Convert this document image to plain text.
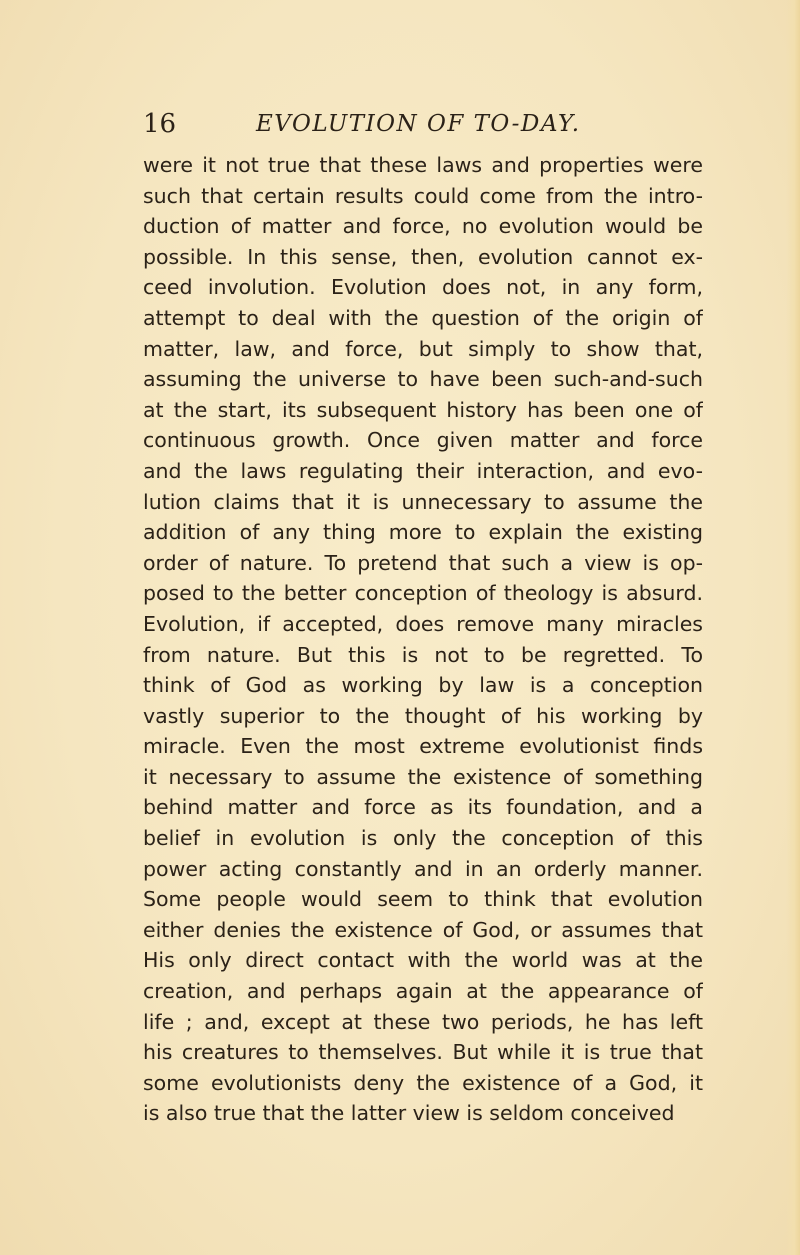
16	EVOLUTION OF TO-DAY.
were it not true that these laws and properties were
such that certain results could come from the intro-
duction of matter and force, no evolution would be
possible. In this sense, then, evolution cannot ex-
ceed involution. Evolution does not, in any form,
attempt to deal with the question of the origin of
matter, law, and force, but simply to show that,
assuming the universe to have been such-and-such
at the start, its subsequent history has been one of
continuous growth. Once given matter and force
and the laws regulating their interaction, and evo-
lution claims that it is unnecessary to assume the
addition of any thing more to explain the existing
order of nature. To pretend that such a view is op-
posed to the better conception of theology is absurd.
Evolution, if accepted, does remove many miracles
from nature. But this is not to be regretted. To
think of God as working by law is a conception
vastly superior to the thought of his working by
miracle. Even the most extreme evolutionist finds
it necessary to assume the existence of something
behind matter and force as its foundation, and a
belief in evolution is only the conception of this
power acting constantly and in an orderly manner.
Some people would seem to think that evolution
either denies the existence of God, or assumes that
His only direct contact with the world was at the
creation, and perhaps again at the appearance of
life ; and, except at these two periods, he has left
his creatures to themselves. But while it is true that
some evolutionists deny the existence of a God, it
is also true that the latter view is seldom conceived
